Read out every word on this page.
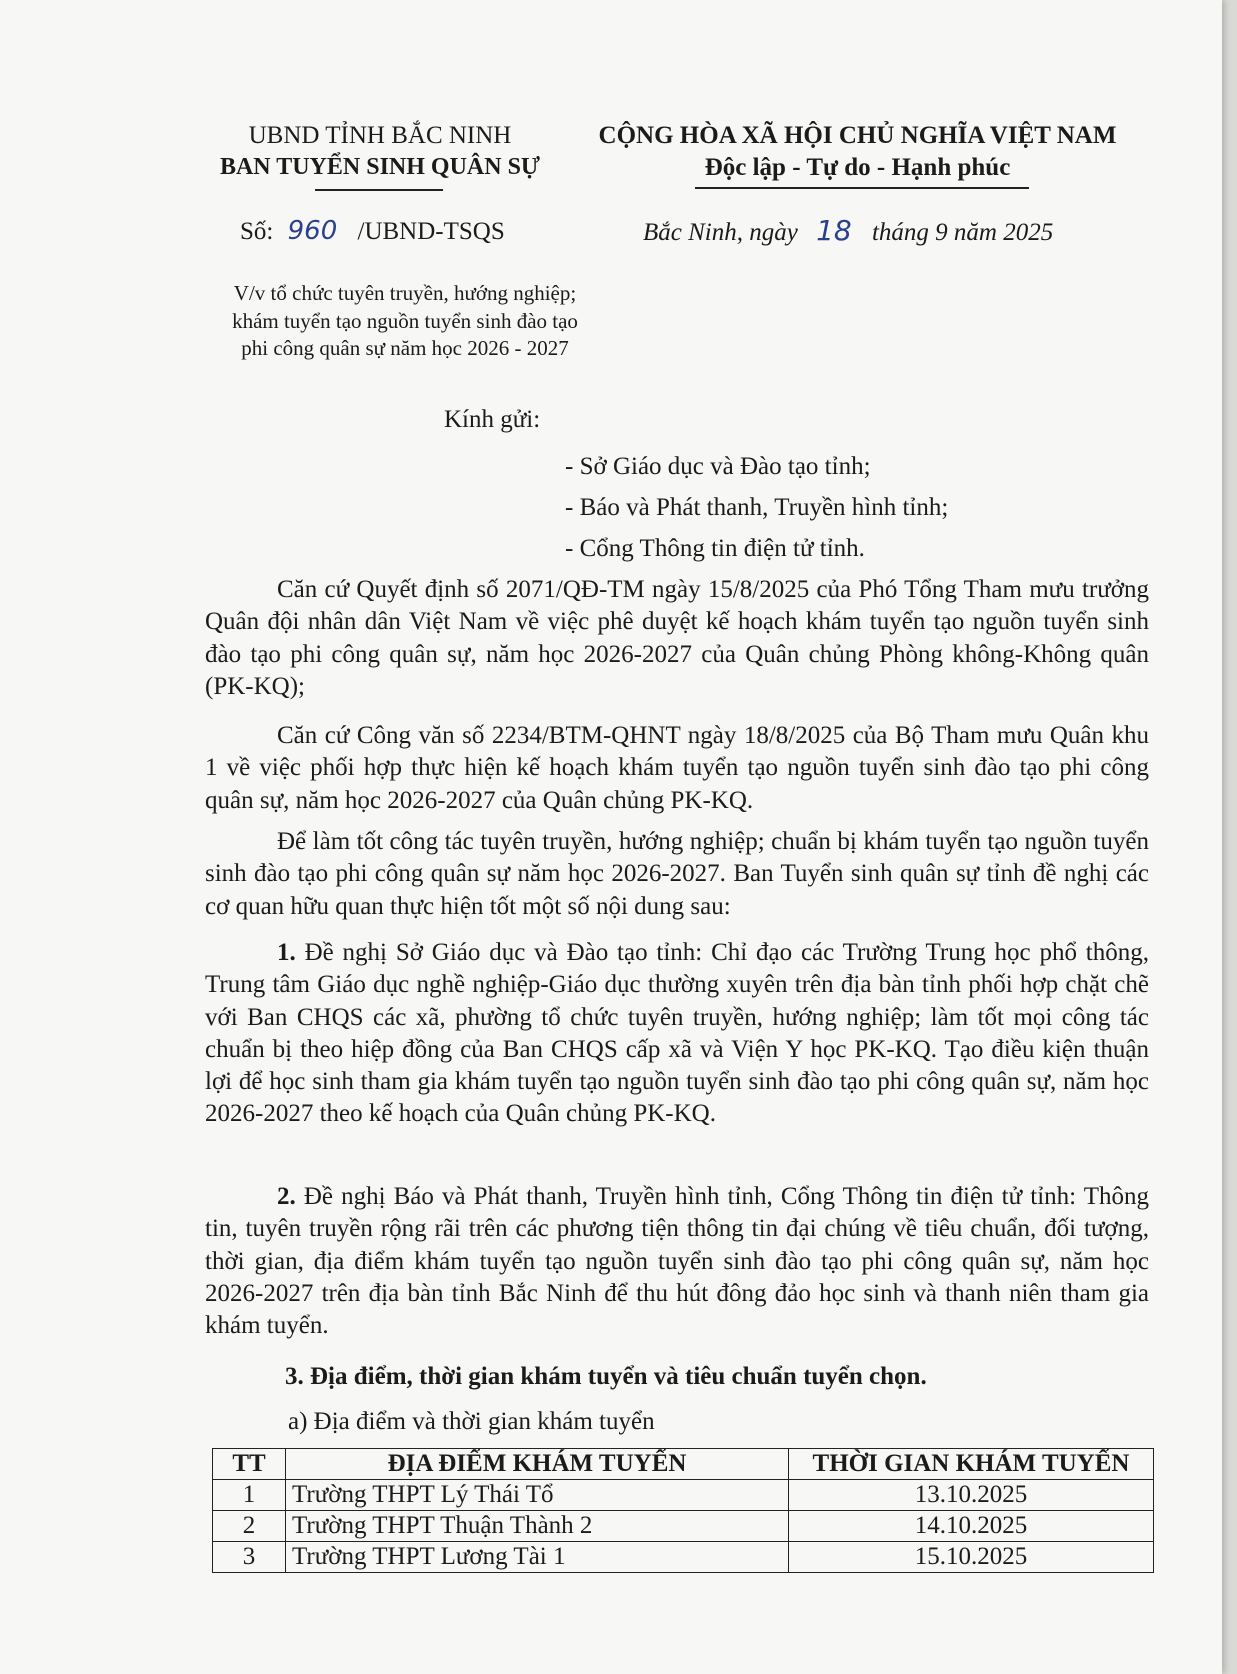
UBND TỈNH BẮC NINH
BAN TUYỂN SINH QUÂN SỰ
CỘNG HÒA XÃ HỘI CHỦ NGHĨA VIỆT NAM
Độc lập - Tự do - Hạnh phúc
Số: 960 /UBND-TSQS	Bắc Ninh, ngày 18 tháng 9 năm 2025
V/v tổ chức tuyên truyền, hướng nghiệp;
khám tuyển tạo nguồn tuyển sinh đào tạo
phi công quân sự năm học 2026 - 2027
Kính gửi:
- Sở Giáo dục và Đào tạo tỉnh;
- Báo và Phát thanh, Truyền hình tỉnh;
- Cổng Thông tin điện tử tỉnh.
Căn cứ Quyết định số 2071/QĐ-TM ngày 15/8/2025 của Phó Tổng Tham mưu trưởng Quân đội nhân dân Việt Nam về việc phê duyệt kế hoạch khám tuyển tạo nguồn tuyển sinh đào tạo phi công quân sự, năm học 2026-2027 của Quân chủng Phòng không-Không quân (PK-KQ);
Căn cứ Công văn số 2234/BTM-QHNT ngày 18/8/2025 của Bộ Tham mưu Quân khu 1 về việc phối hợp thực hiện kế hoạch khám tuyển tạo nguồn tuyển sinh đào tạo phi công quân sự, năm học 2026-2027 của Quân chủng PK-KQ.
Để làm tốt công tác tuyên truyền, hướng nghiệp; chuẩn bị khám tuyển tạo nguồn tuyển sinh đào tạo phi công quân sự năm học 2026-2027. Ban Tuyển sinh quân sự tỉnh đề nghị các cơ quan hữu quan thực hiện tốt một số nội dung sau:
1. Đề nghị Sở Giáo dục và Đào tạo tỉnh: Chỉ đạo các Trường Trung học phổ thông, Trung tâm Giáo dục nghề nghiệp-Giáo dục thường xuyên trên địa bàn tỉnh phối hợp chặt chẽ với Ban CHQS các xã, phường tổ chức tuyên truyền, hướng nghiệp; làm tốt mọi công tác chuẩn bị theo hiệp đồng của Ban CHQS cấp xã và Viện Y học PK-KQ. Tạo điều kiện thuận lợi để học sinh tham gia khám tuyển tạo nguồn tuyển sinh đào tạo phi công quân sự, năm học 2026-2027 theo kế hoạch của Quân chủng PK-KQ.
2. Đề nghị Báo và Phát thanh, Truyền hình tỉnh, Cổng Thông tin điện tử tỉnh: Thông tin, tuyên truyền rộng rãi trên các phương tiện thông tin đại chúng về tiêu chuẩn, đối tượng, thời gian, địa điểm khám tuyển tạo nguồn tuyển sinh đào tạo phi công quân sự, năm học 2026-2027 trên địa bàn tỉnh Bắc Ninh để thu hút đông đảo học sinh và thanh niên tham gia khám tuyển.
3. Địa điểm, thời gian khám tuyển và tiêu chuẩn tuyển chọn.
a) Địa điểm và thời gian khám tuyển
TT	ĐỊA ĐIỂM KHÁM TUYỂN	THỜI GIAN KHÁM TUYỂN
1	Trường THPT Lý Thái Tổ	13.10.2025
2	Trường THPT Thuận Thành 2	14.10.2025
3	Trường THPT Lương Tài 1	15.10.2025
